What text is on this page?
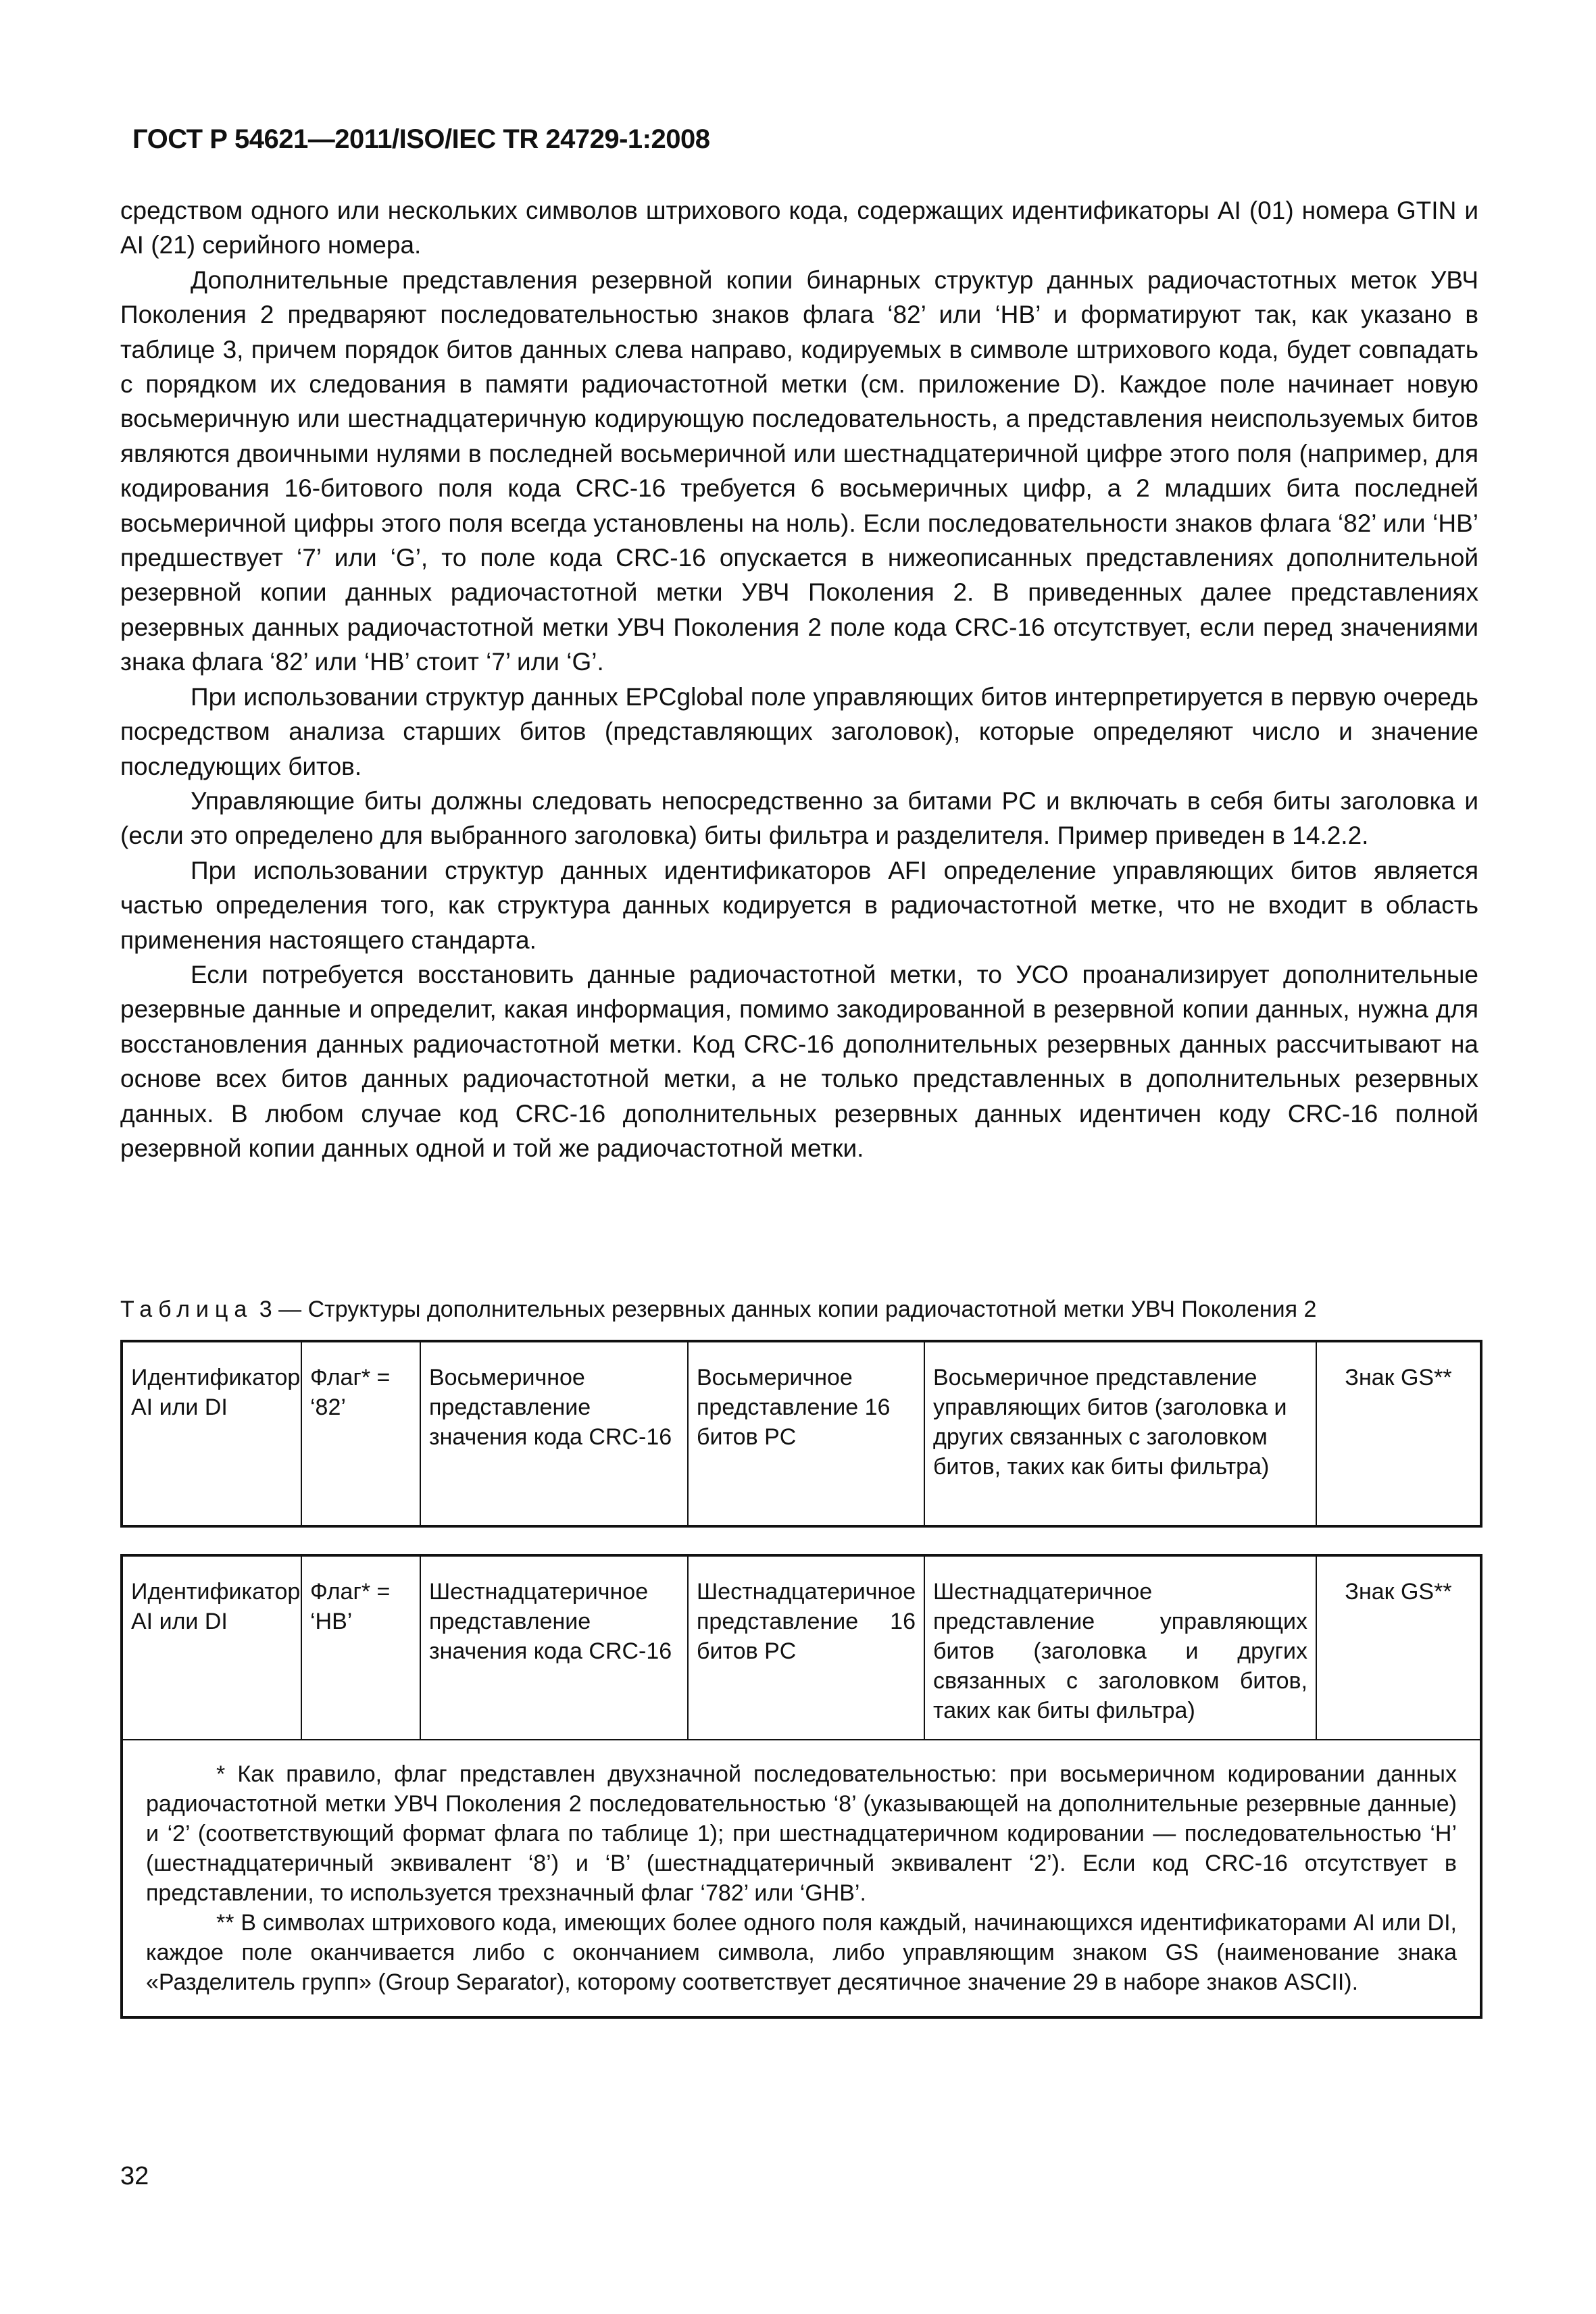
ГОСТ Р 54621—2011/ISO/IEC TR 24729-1:2008

средством одного или нескольких символов штрихового кода, содержащих идентификаторы AI (01) номера GTIN и AI (21) серийного номера.

Дополнительные представления резервной копии бинарных структур данных радиочастотных меток УВЧ Поколения 2 предваряют последовательностью знаков флага ‘82’ или ‘HB’ и форматируют так, как указано в таблице 3, причем порядок битов данных слева направо, кодируемых в символе штрихового кода, будет совпадать с порядком их следования в памяти радиочастотной метки (см. приложение D). Каждое поле начинает новую восьмеричную или шестнадцатеричную кодирующую последовательность, а представления неиспользуемых битов являются двоичными нулями в последней восьмеричной или шестнадцатеричной цифре этого поля (например, для кодирования 16-битового поля кода CRC-16 требуется 6 восьмеричных цифр, а 2 младших бита последней восьмеричной цифры этого поля всегда установлены на ноль). Если последовательности знаков флага ‘82’ или ‘HB’ предшествует ‘7’ или ‘G’, то поле кода CRC-16 опускается в нижеописанных представлениях дополнительной резервной копии данных радиочастотной метки УВЧ Поколения 2. В приведенных далее представлениях резервных данных радиочастотной метки УВЧ Поколения 2 поле кода CRC-16 отсутствует, если перед значениями знака флага ‘82’ или ‘HB’ стоит ‘7’ или ‘G’.

При использовании структур данных EPCglobal поле управляющих битов интерпретируется в первую очередь посредством анализа старших битов (представляющих заголовок), которые определяют число и значение последующих битов.

Управляющие биты должны следовать непосредственно за битами PC и включать в себя биты заголовка и (если это определено для выбранного заголовка) биты фильтра и разделителя. Пример приведен в 14.2.2.

При использовании структур данных идентификаторов AFI определение управляющих битов является частью определения того, как структура данных кодируется в радиочастотной метке, что не входит в область применения настоящего стандарта.

Если потребуется восстановить данные радиочастотной метки, то УСО проанализирует дополнительные резервные данные и определит, какая информация, помимо закодированной в резервной копии данных, нужна для восстановления данных радиочастотной метки. Код CRC-16 дополнительных резервных данных рассчитывают на основе всех битов данных радиочастотной метки, а не только представленных в дополнительных резервных данных. В любом случае код CRC-16 дополнительных резервных данных идентичен коду CRC-16 полной резервной копии данных одной и той же радиочастотной метки.

Таблица 3 — Структуры дополнительных резервных данных копии радиочастотной метки УВЧ Поколения 2
Идентификатор AI или DI	Флаг* = ‘82’	Восьмеричное представление значения кода CRC-16	Восьмеричное представление 16 битов PC	Восьмеричное представление управляющих битов (заголовка и других связанных с заголовком битов, таких как биты фильтра)	Знак GS**
Идентификатор AI или DI	Флаг* = ‘HB’	Шестнадцатеричное представление значения кода CRC-16	Шестнадцатеричное представление 16 битов PC	Шестнадцатеричное представление управляющих битов (заголовка и других связанных с заголовком битов, таких как биты фильтра)	Знак GS**

* Как правило, флаг представлен двухзначной последовательностью: при восьмеричном кодировании данных радиочастотной метки УВЧ Поколения 2 последовательностью ‘8’ (указывающей на дополнительные резервные данные) и ‘2’ (соответствующий формат флага по таблице 1); при шестнадцатеричном кодировании — последовательностью ‘H’ (шестнадцатеричный эквивалент ‘8’) и ‘B’ (шестнадцатеричный эквивалент ‘2’). Если код CRC-16 отсутствует в представлении, то используется трехзначный флаг ‘782’ или ‘GHB’.

** В символах штрихового кода, имеющих более одного поля каждый, начинающихся идентификаторами AI или DI, каждое поле оканчивается либо с окончанием символа, либо управляющим знаком GS (наименование знака «Разделитель групп» (Group Separator), которому соответствует десятичное значение 29 в наборе знаков ASCII).

32
